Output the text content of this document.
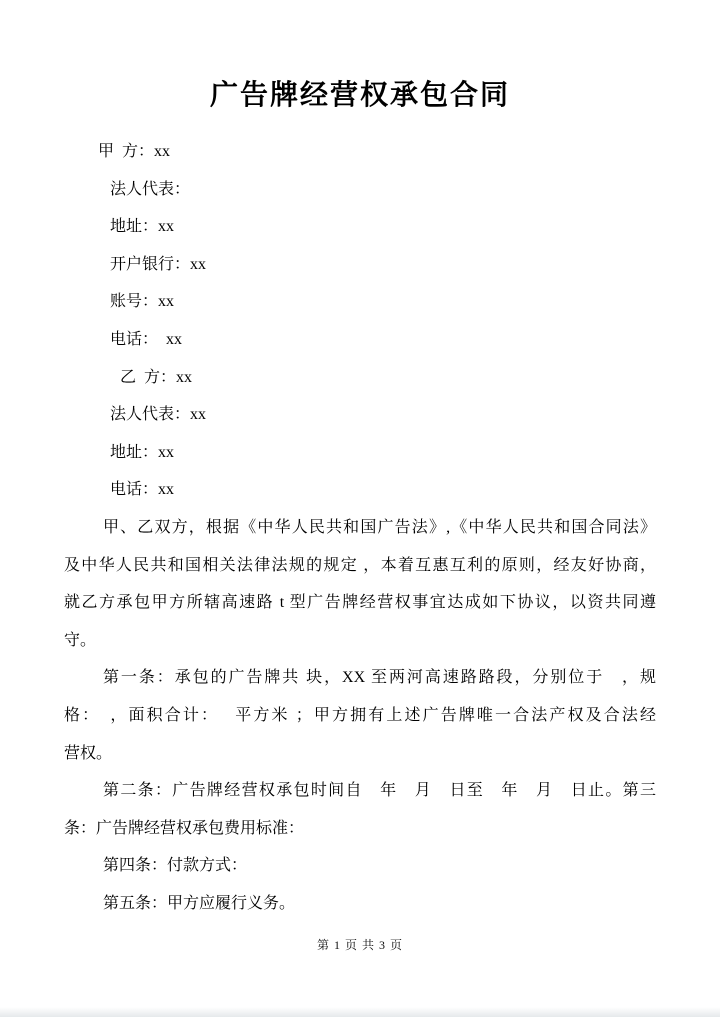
广告牌经营权承包合同
甲  方：xx
法人代表：
地址：xx
开户银行：xx
账号：xx
电话：  xx
乙  方：xx
法人代表：xx
地址：xx
电话：xx
甲、乙双方，根据《中华人民共和国广告法》,《中华人民共和国合同法》
及中华人民共和国相关法律法规的规定 ，本着互惠互利的原则，经友好协商，
就乙方承包甲方所辖高速路 t 型广告牌经营权事宜达成如下协议，以资共同遵
守。
第一条：承包的广告牌共 块，XX 至两河高速路路段，分别位于　，规
格：　，面积合计：　 平方米 ；甲方拥有上述广告牌唯一合法产权及合法经
营权。
第二条：广告牌经营权承包时间自　年　月　日至　年　月　日止。第三
条：广告牌经营权承包费用标准：
第四条：付款方式：
第五条：甲方应履行义务。
第 1 页 共 3 页
